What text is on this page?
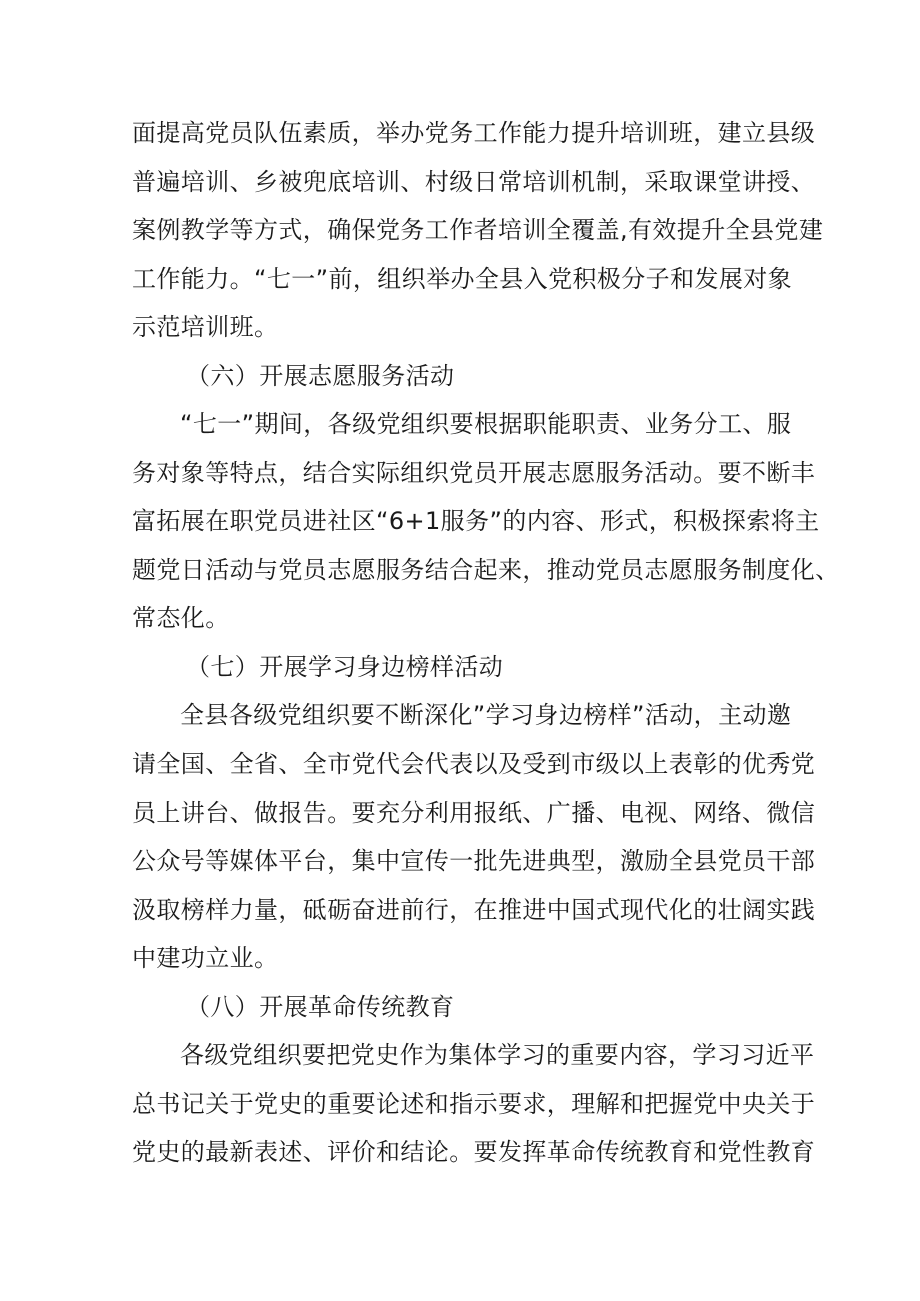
面提高党员队伍素质，举办党务工作能力提升培训班，建立县级
普遍培训、乡被兜底培训、村级日常培训机制，采取课堂讲授、
案例教学等方式，确保党务工作者培训全覆盖,有效提升全县党建
工作能力。“七一”前，组织举办全县入党积极分子和发展对象
示范培训班。
（六）开展志愿服务活动
“七一”期间，各级党组织要根据职能职责、业务分工、服
务对象等特点，结合实际组织党员开展志愿服务活动。要不断丰
富拓展在职党员进社区“6+1服务”的内容、形式，积极探索将主
题党日活动与党员志愿服务结合起来，推动党员志愿服务制度化、
常态化。
（七）开展学习身边榜样活动
全县各级党组织要不断深化”学习身边榜样”活动，主动邀
请全国、全省、全市党代会代表以及受到市级以上表彰的优秀党
员上讲台、做报告。要充分利用报纸、广播、电视、网络、微信
公众号等媒体平台，集中宣传一批先进典型，激励全县党员干部
汲取榜样力量，砥砺奋进前行，在推进中国式现代化的壮阔实践
中建功立业。
（八）开展革命传统教育
各级党组织要把党史作为集体学习的重要内容，学习习近平
总书记关于党史的重要论述和指示要求，理解和把握党中央关于
党史的最新表述、评价和结论。要发挥革命传统教育和党性教育
